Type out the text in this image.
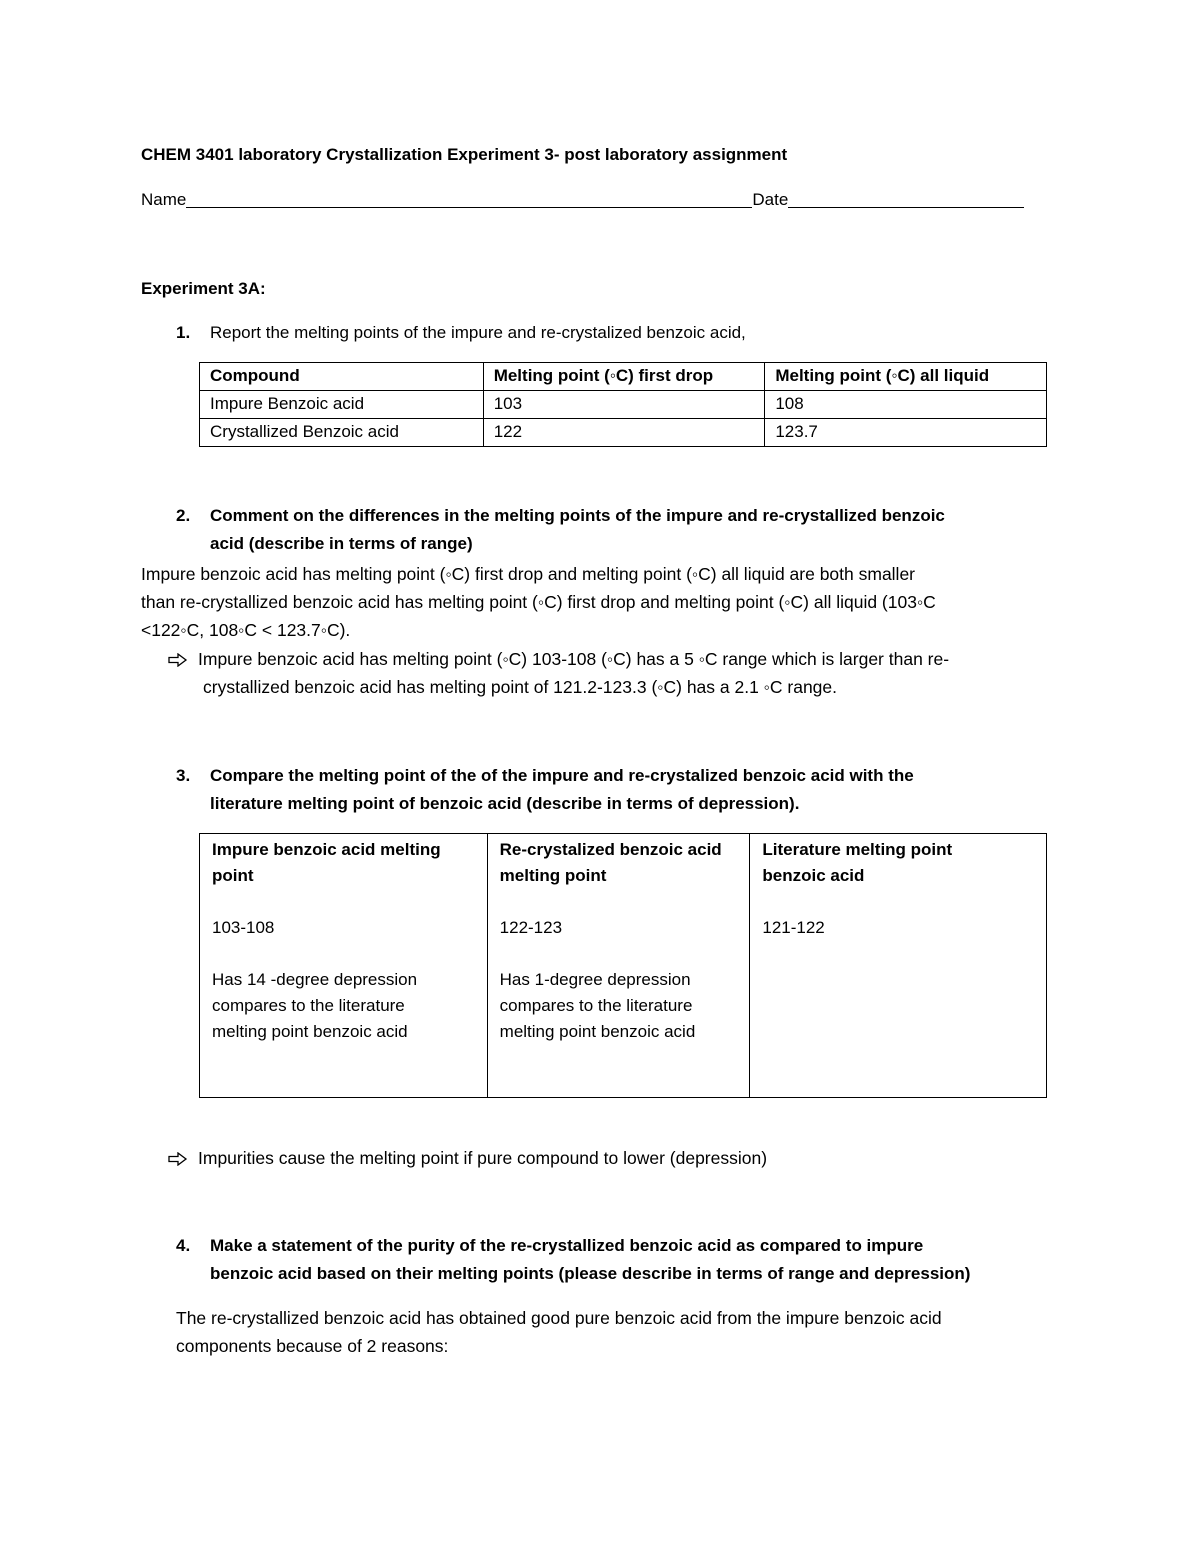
CHEM 3401 laboratory Crystallization Experiment 3- post laboratory assignment
Name	Date
Experiment 3A:
1. Report the melting points of the impure and re-crystalized benzoic acid,
Compound	Melting point (◦C) first drop	Melting point (◦C) all liquid
Impure Benzoic acid	103	108
Crystallized Benzoic acid	122	123.7
2. Comment on the differences in the melting points of the impure and re-crystallized benzoic
acid (describe in terms of range)
Impure benzoic acid has melting point (◦C) first drop and melting point (◦C) all liquid are both smaller
than re-crystallized benzoic acid has melting point (◦C) first drop and melting point (◦C) all liquid (103◦C
<122◦C, 108◦C < 123.7◦C).
Impure benzoic acid has melting point (◦C) 103-108 (◦C) has a 5 ◦C range which is larger than re-
crystallized benzoic acid has melting point of 121.2-123.3 (◦C) has a 2.1 ◦C range.
3. Compare the melting point of the of the impure and re-crystalized benzoic acid with the
literature melting point of benzoic acid (describe in terms of depression).
Impure benzoic acid melting
point
103-108
Has 14 -degree depression
compares to the literature
melting point benzoic acid

Re-crystalized benzoic acid
melting point
122-123
Has 1-degree depression
compares to the literature
melting point benzoic acid

Literature melting point
benzoic acid
121-122
Impurities cause the melting point if pure compound to lower (depression)
4. Make a statement of the purity of the re-crystallized benzoic acid as compared to impure
benzoic acid based on their melting points (please describe in terms of range and depression)
The re-crystallized benzoic acid has obtained good pure benzoic acid from the impure benzoic acid
components because of 2 reasons:
